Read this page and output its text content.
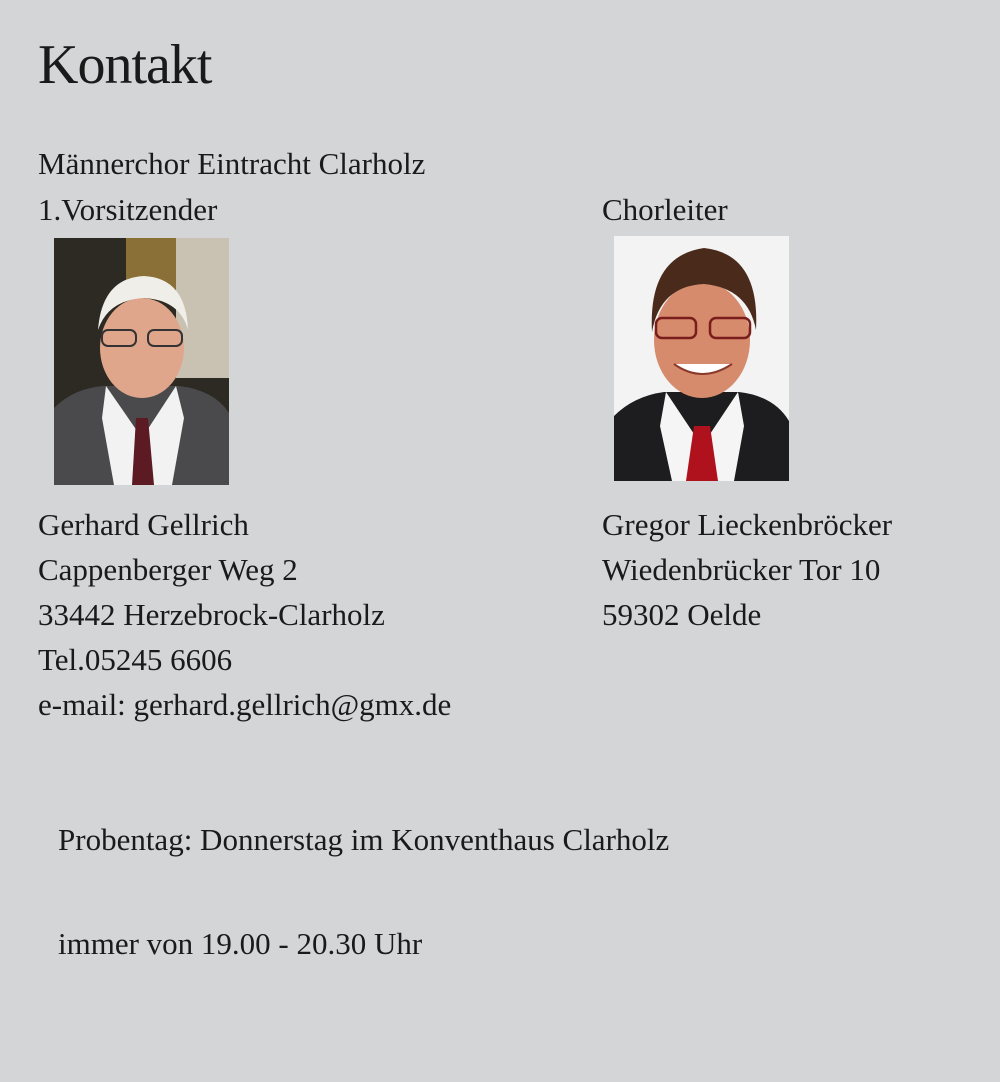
Kontakt
Männerchor Eintracht Clarholz
1.Vorsitzender
Gerhard Gellrich
Cappenberger Weg 2
33442 Herzebrock-Clarholz
Tel.05245 6606
e-mail: gerhard.gellrich@gmx.de
Chorleiter
Gregor Lieckenbröcker
Wiedenbrücker Tor 10
59302 Oelde
Probentag: Donnerstag im Konventhaus Clarholz
immer von 19.00 - 20.30 Uhr
